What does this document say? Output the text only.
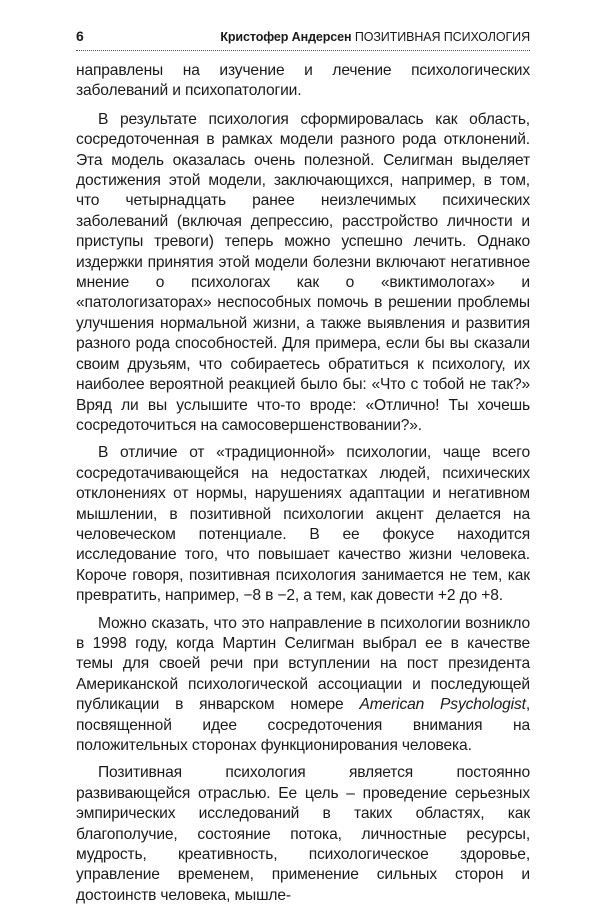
6	Кристофер Андерсен ПОЗИТИВНАЯ ПСИХОЛОГИЯ

направлены на изучение и лечение психологических заболеваний и психопатологии.

В результате психология сформировалась как область, сосредоточенная в рамках модели разного рода отклонений. Эта модель оказалась очень полезной. Селигман выделяет достижения этой модели, заключающихся, например, в том, что четырнадцать ранее неизлечимых психических заболеваний (включая депрессию, расстройство личности и приступы тревоги) теперь можно успешно лечить. Однако издержки принятия этой модели болезни включают негативное мнение о психологах как о «виктимологах» и «патологизаторах» неспособных помочь в решении проблемы улучшения нормальной жизни, а также выявления и развития разного рода способностей. Для примера, если бы вы сказали своим друзьям, что собираетесь обратиться к психологу, их наиболее вероятной реакцией было бы: «Что с тобой не так?» Вряд ли вы услышите что-то вроде: «Отлично! Ты хочешь сосредоточиться на самосовершенствовании?».

В отличие от «традиционной» психологии, чаще всего сосредотачивающейся на недостатках людей, психических отклонениях от нормы, нарушениях адаптации и негативном мышлении, в позитивной психологии акцент делается на человеческом потенциале. В ее фокусе находится исследование того, что повышает качество жизни человека. Короче говоря, позитивная психология занимается не тем, как превратить, например, −8 в −2, а тем, как довести +2 до +8.

Можно сказать, что это направление в психологии возникло в 1998 году, когда Мартин Селигман выбрал ее в качестве темы для своей речи при вступлении на пост президента Американской психологической ассоциации и последующей публикации в январском номере American Psychologist, посвященной идее сосредоточения внимания на положительных сторонах функционирования человека.

Позитивная психология является постоянно развивающейся отраслью. Ее цель – проведение серьезных эмпирических исследований в таких областях, как благополучие, состояние потока, личностные ресурсы, мудрость, креативность, психологическое здоровье, управление временем, применение сильных сторон и достоинств человека, мышле-
